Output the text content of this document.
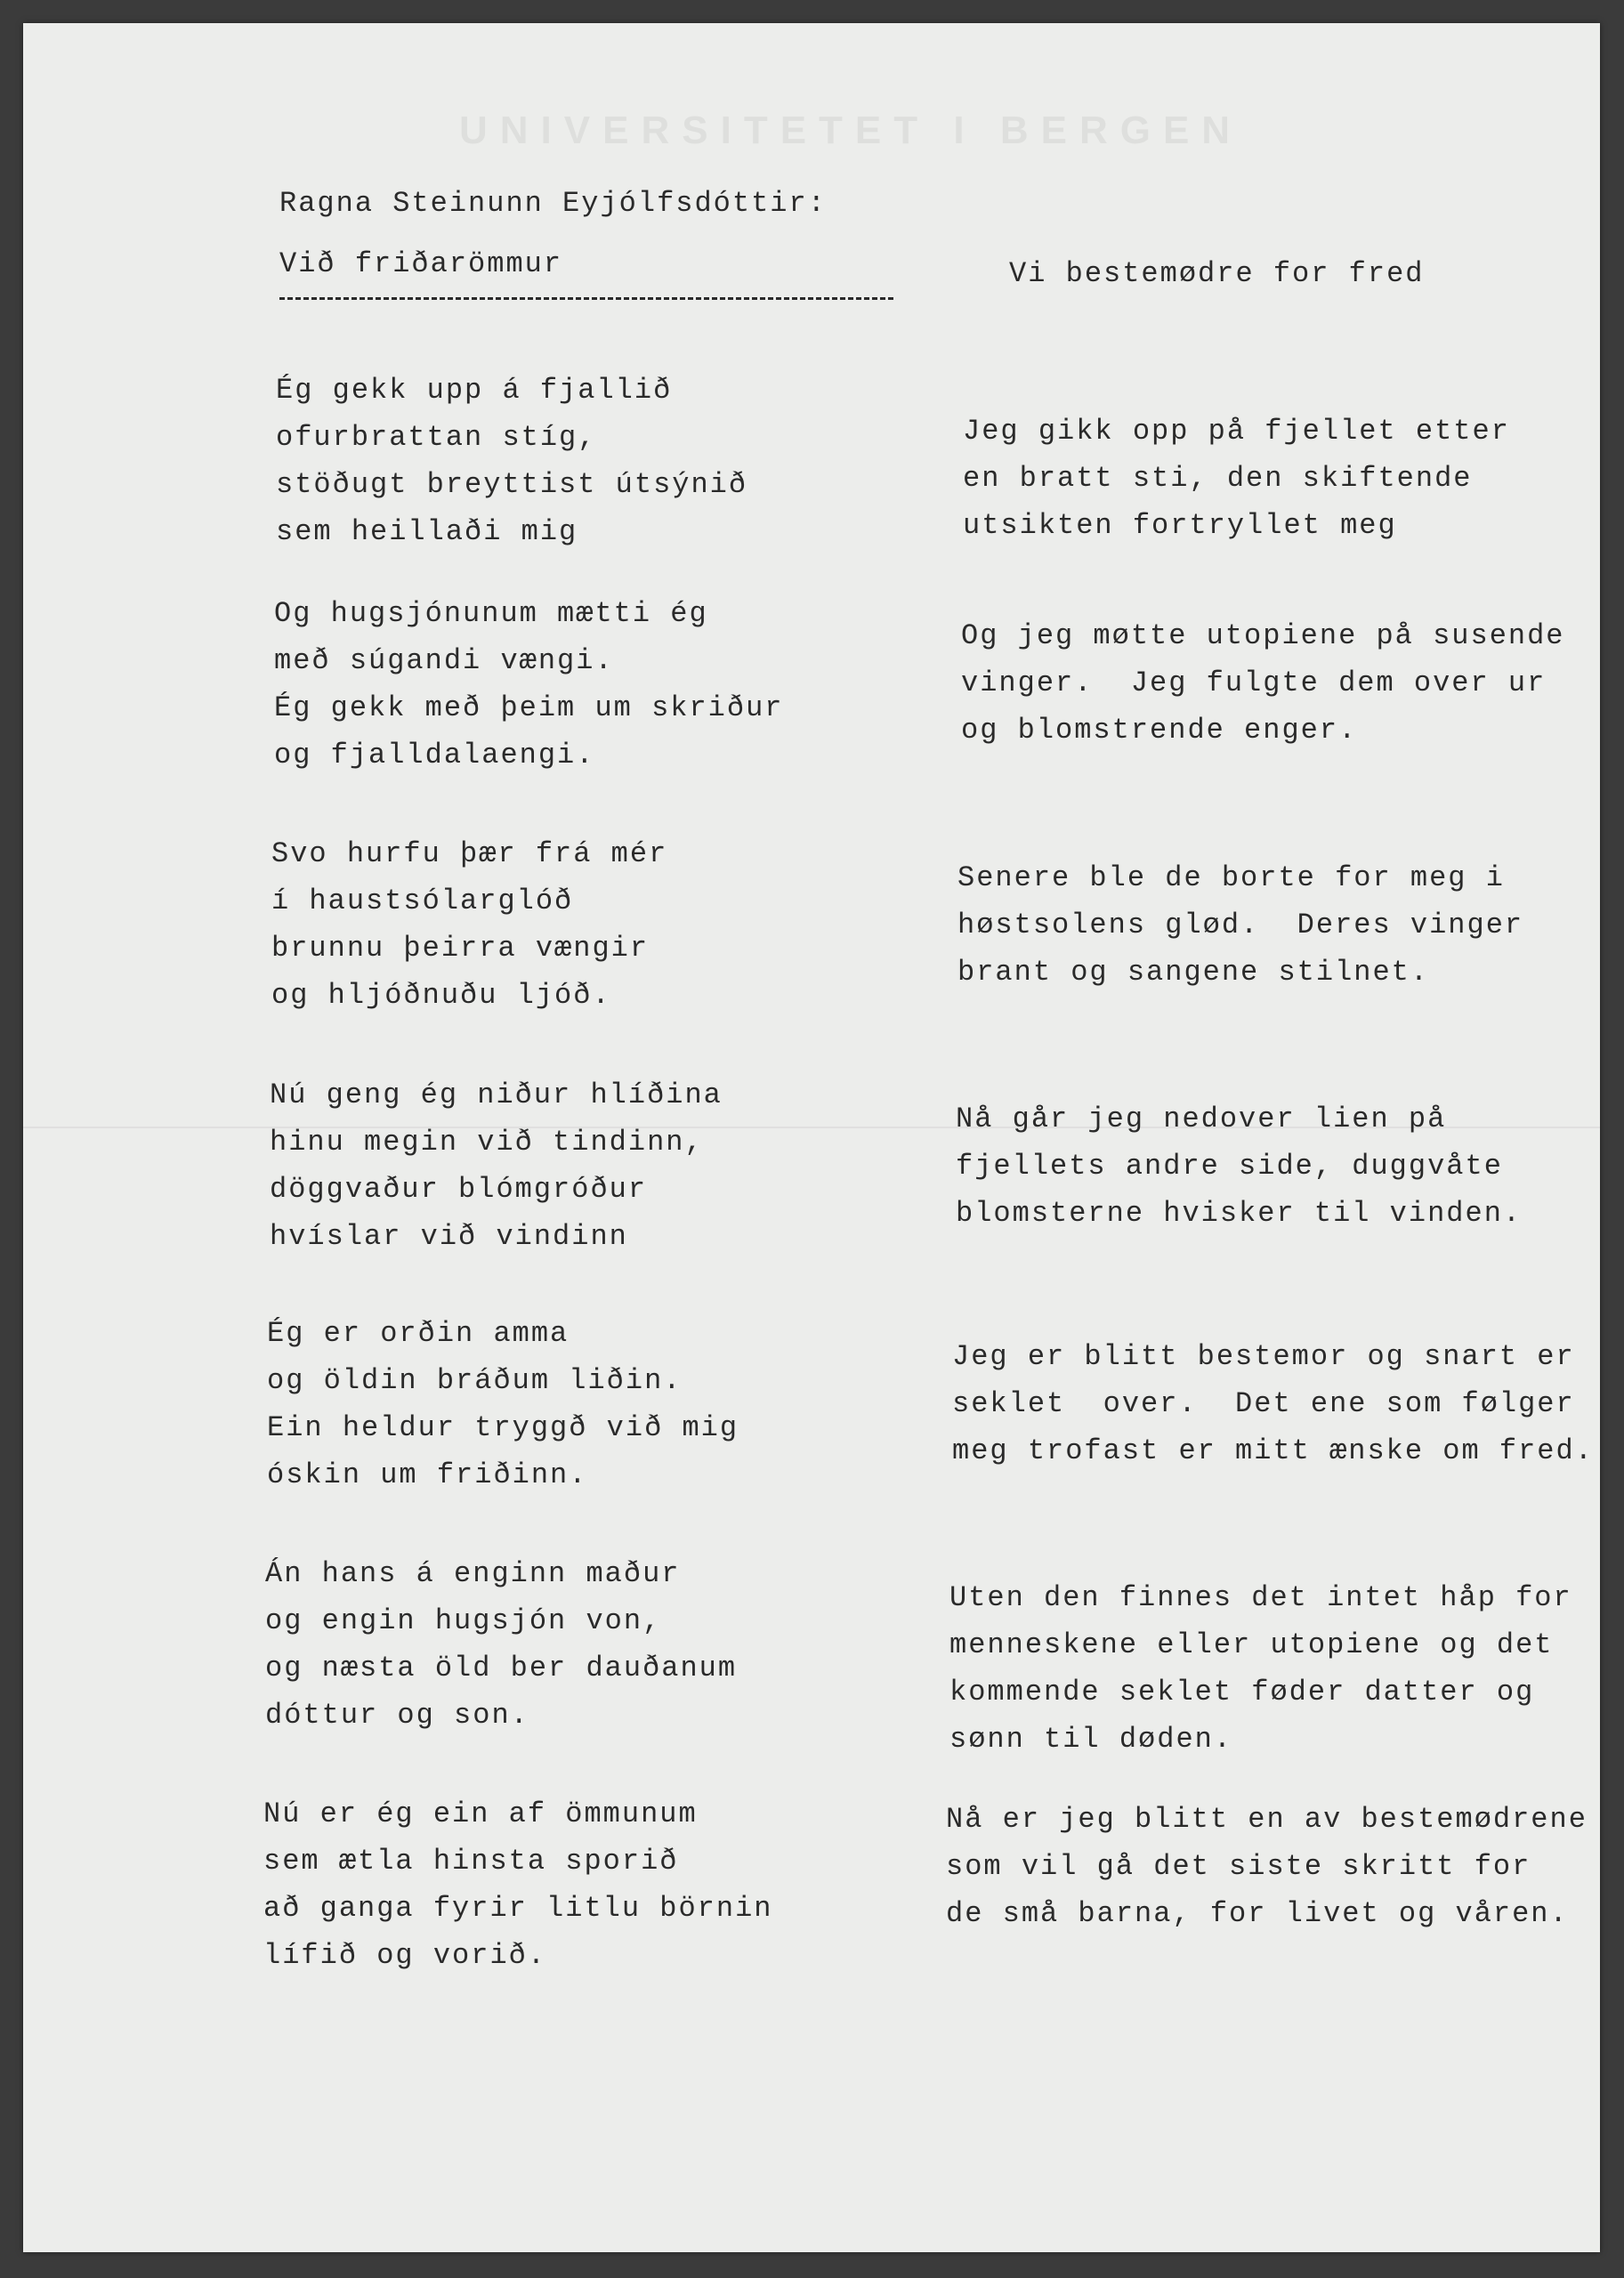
UNIVERSITETET I BERGEN
Ragna Steinunn Eyjólfsdóttir:
Við friðarömmur	Vi bestemødre for fred
Ég gekk upp á fjallið
ofurbrattan stíg,
stöðugt breyttist útsýnið
sem heillaði mig
Og hugsjónunum mætti ég
með súgandi vængi.
Ég gekk með þeim um skriður
og fjalldalaengi.
Svo hurfu þær frá mér
í haustsólarglóð
brunnu þeirra vængir
og hljóðnuðu ljóð.
Nú geng ég niður hlíðina
hinu megin við tindinn,
döggvaður blómgróður
hvíslar við vindinn
Ég er orðin amma
og öldin bráðum liðin.
Ein heldur tryggð við mig
óskin um friðinn.
Án hans á enginn maður
og engin hugsjón von,
og næsta öld ber dauðanum
dóttur og son.
Nú er ég ein af ömmunum
sem ætla hinsta sporið
að ganga fyrir litlu börnin
lífið og vorið.
Jeg gikk opp på fjellet etter
en bratt sti, den skiftende
utsikten fortryllet meg
Og jeg møtte utopiene på susende
vinger.  Jeg fulgte dem over ur
og blomstrende enger.
Senere ble de borte for meg i
høstsolens glød.  Deres vinger
brant og sangene stilnet.
Nå går jeg nedover lien på
fjellets andre side, duggvåte
blomsterne hvisker til vinden.
Jeg er blitt bestemor og snart er
seklet  over.  Det ene som følger
meg trofast er mitt ænske om fred.
Uten den finnes det intet håp for
menneskene eller utopiene og det
kommende seklet føder datter og
sønn til døden.
Nå er jeg blitt en av bestemødrene
som vil gå det siste skritt for
de små barna, for livet og våren.
